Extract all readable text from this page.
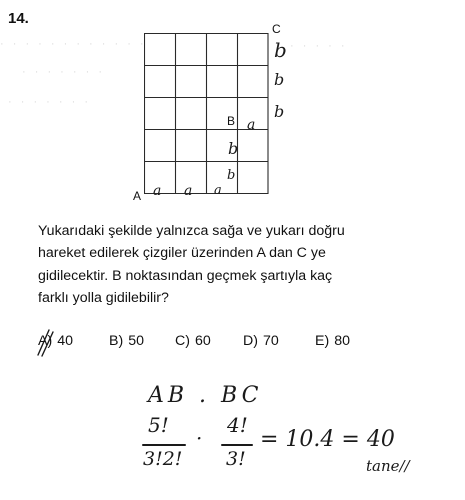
· · · · · · · · · · · ·	· · · · ·
· · · · · · ·
· · · · · · ·
14.
A
B
C
a a a
b
b
a
b
b
b
Yukarıdaki şekilde yalnızca sağa ve yukarı doğru
hareket edilerek çizgiler üzerinden A dan C ye
gidilecektir. B noktasından geçmek şartıyla kaç
farklı yolla gidilebilir?
A) 40	B) 50 C) 60 D) 70	E) 80
AB . BC
5!
3!2!
·
4!
3!
= 10.4 = 40
tane//
